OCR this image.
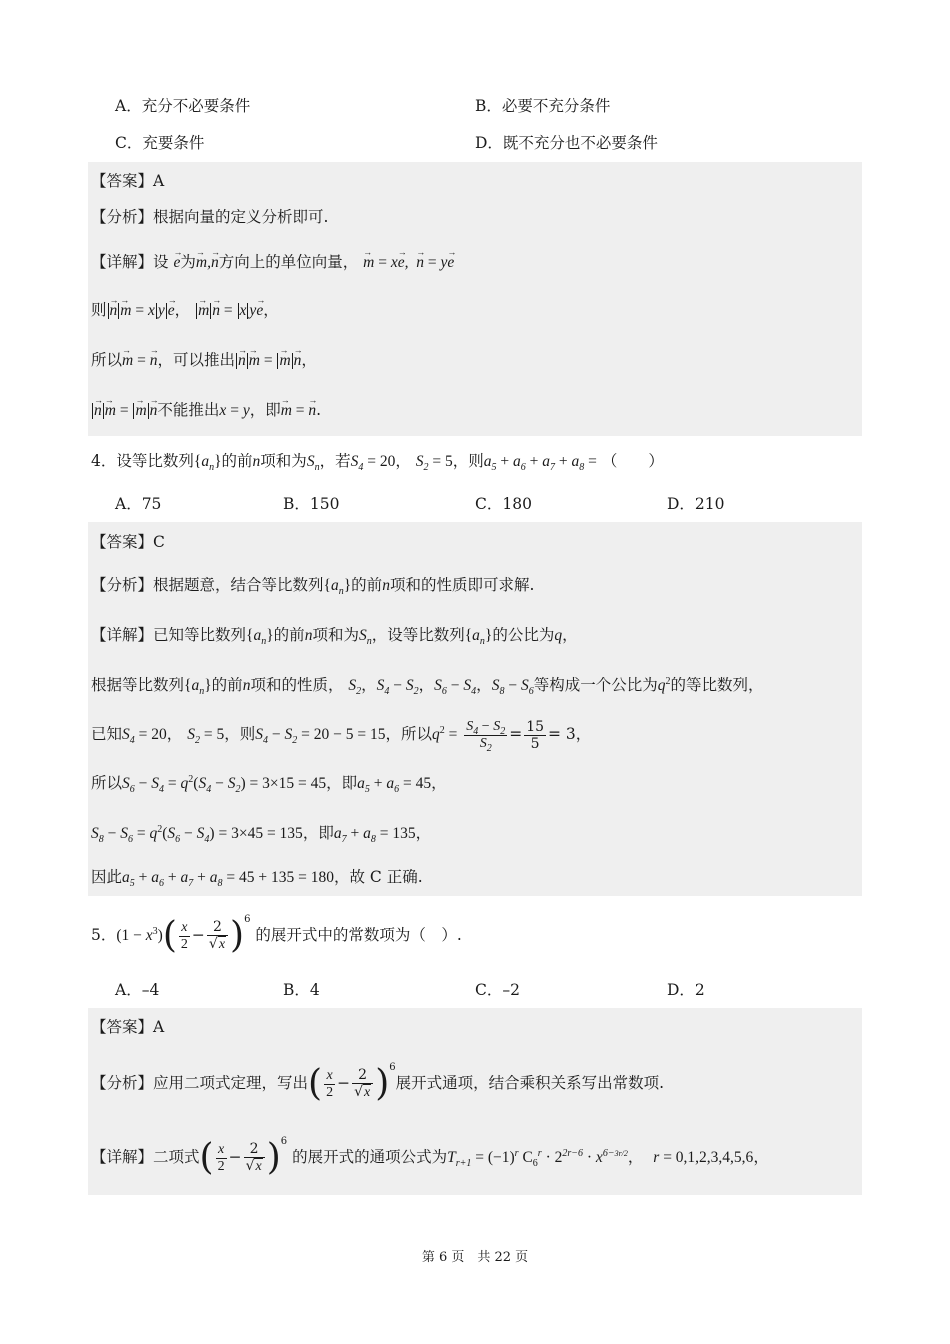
A．充分不必要条件	B．必要不充分条件
C．充要条件	D．既不充分也不必要条件
【答案】A
【分析】根据向量的定义分析即可.
【详解】设 → e为→ m,→ n方向上的单位向量， → m = x→ e,  → n = y→ e
则 → n → m = x y → e， → m → n = x y→ e，
所以→ m = → n，可以推出 → n → m = → m → n，
→ n → m = → m → n不能推出x = y，即→ m = → n.
4．设等比数列$\{a_n\}$的前n项和为$S_n$，若$S_4 = 20$， $S_2 = 5$，则$a_5 + a_6 + a_7 + a_8$ = （　　）
A．75	B．150	C．180	D．210
【答案】C
【分析】根据题意，结合等比数列$\{a_n\}$的前n项和的性质即可求解.
【详解】已知等比数列$\{a_n\}$的前n项和为$S_n$，设等比数列$\{a_n\}$的公比为q，
根据等比数列$\{a_n\}$的前n项和的性质， $S_2$，$S_4 - S_2$，$S_6 - S_4$，$S_8 - S_6$等构成一个公比为$q^2$的等比数列，
已知$S_4 = 20$， $S_2 = 5$，则$S_4 - S_2 = 20 - 5 = 15$，所以$q^2 = \frac{S_4 - S_2}{S_2} = \frac{15}{5} = 3$，
所以$S_6 - S_4 = q^2(S_4 - S_2) = 3\times 15 = 45$，即$a_5 + a_6 = 45$，
$S_8 - S_6 = q^2(S_6 - S_4) = 3\times 45 = 135$，即$a_7 + a_8 = 135$，
因此$a_5 + a_6 + a_7 + a_8 = 45 + 135 = 180$，故 C 正确.
5．$(1 - x^3)( \frac{x}{2} - \frac{2}{√x} )^6$ 的展开式中的常数项为（　）.
A．–4	B．4	C．–2	D．2
【答案】A
【分析】应用二项式定理，写出( $\frac{x}{2} - \frac{2}{√x} )^6$展开式通项，结合乘积关系写出常数项.
【详解】二项式( $\frac{x}{2} - \frac{2}{√x} )^6$ 的展开式的通项公式为$T_{r+1} = (-1)^r$ $C_6^r \cdot 2^{2r-6} \cdot x^{6-3r/2}$，  r = 0,1,2,3,4,5,6，
第 6 页　共 22 页
